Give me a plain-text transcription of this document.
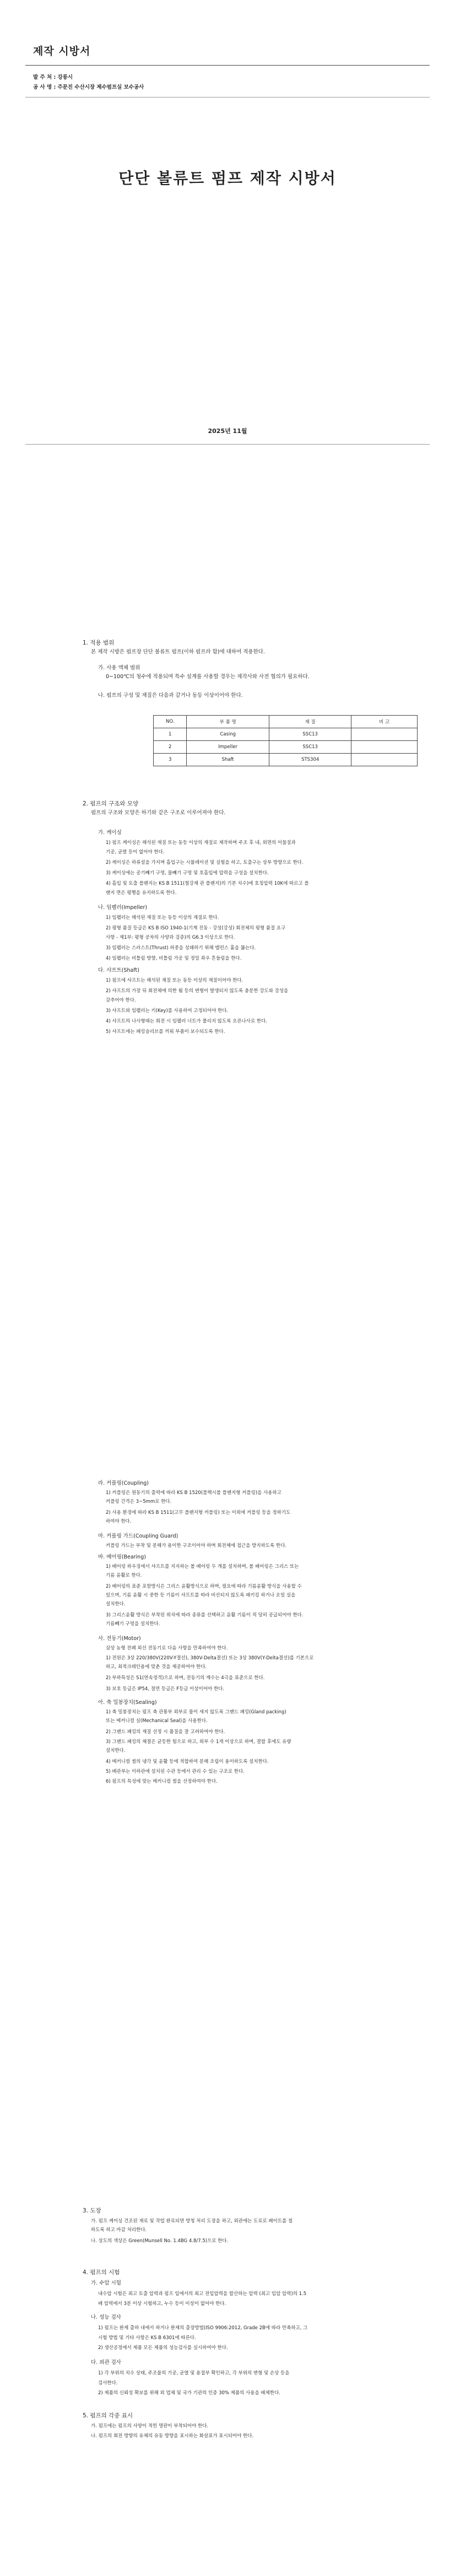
제작 시방서
발 주 처 : 강릉시
공 사 명 : 주문진 수산시장 제수펌프실 보수공사
단단 볼류트 펌프 제작 시방서
2025년 11월
1. 적용 범위
본 제작 시방은 펌프장 단단 볼류트 펌프(이하 펌프라 함)에 대하여 적용한다.
가. 사용 액체 범위
0~100℃의 청수에 적용되며 특수 설계를 사용할 경우는 제작사와 사전 협의가 필요하다.
나. 펌프의 구성 및 재질은 다음과 같거나 동등 이상이어야 한다.
NO.	부 품 명	재 질	비 고
1	Casing	SSC13	
2	Impeller	SSC13	
3	Shaft	STS304	
2. 펌프의 구조와 모양
펌프의 구조와 모양은 하기와 같은 구조로 이루어져야 한다.
가. 케이싱
1) 펌프 케이싱은 해석된 재질 또는 동등 이상의 재질로 제작하며 주조 후 내, 외면의 이물질과
기공, 균열 등이 없어야 한다.
2) 케이싱은 하류설을 가지며 흡입구는 시뮬레이션 및 실험을 하고, 토출구는 상부 방향으로 한다.
3) 케이싱에는 공기빼기 구멍, 물빼기 구멍 및 호흡입에 압력을 구성을 설치한다.
4) 흡입 및 토출 플랜지는 KS B 1511(철강제 관 플랜지)의 기본 치수)에 호칭압력 10K에 따르고 플
랜지 면은 평행을 유지하도록 한다.
나. 임펠러(Impeller)
1) 임펠러는 해석된 재질 또는 동등 이상의 재질로 한다.
2) 평형 품질 등급은 KS B ISO 1940-1(기계 진동 - 강성(강성) 회전체의 평형 품질 요구
사항 - 제1부: 평형 공차의 사양과 검증)의 G6.3 이상으로 한다.
3) 임펠러는 스러스트(Thrust) 하중을 상쇄하기 위해 밸런스 홀을 뚫는다.
4) 임펠러는 비틀림 방향, 비틀림 가공 및 정밀 좌우 흔들림을 한다.
다. 샤프트(Shaft)
1) 펌프에 샤프트는 해석된 재질 또는 동등 이상의 재질이어야 한다.
2) 샤프트의 가장 뒤 회전체에 의한 휨 등의 변형이 발생되지 않도록 충분한 강도와 강성을
갖추어야 한다.
3) 샤프트와 임펠러는 키(Key)를 사용하여 고정되어야 한다.
4) 샤프트의 나사형태는 회전 시 임펠러 너트가 풀리지 않도록 오른나사로 한다.
5) 샤프트에는 패킹슬리브를 끼워 부품이 보수되도록 한다.
라. 커플링(Coupling)
1) 커플링은 원동기의 출력에 따라 KS B 1520(플렉시블 플랜지형 커플링)을 사용하고
커플링 간격은 3~5mm로 한다.
2) 사용 환경에 따라 KS B 1511(고무 플랜지형 커플링) 또는 이외에 커플링 등을 정하기도
하여야 한다.
마. 커플링 가드(Coupling Guard)
커플링 가드는 부착 및 분해가 용이한 구조이어야 하며 회전체에 접근을 방지하도록 한다.
바. 베어링(Bearing)
1) 베어링 하우징에서 샤프트를 지지하는 볼 베어링 두 개를 설치하며, 볼 베어링은 그리스 또는
기름 윤활로 한다.
2) 베어링의 표준 포함방식은 그리스 윤활방식으로 하며, 필요에 따라 기름윤활 방식을 사용할 수
있으며, 기름 윤활 시 중한 등 기름이 샤프트를 따라 비산되지 않도록 패키킹 하거나 오일 실을
설치한다.
3) 그리스윤활 방식은 부착된 위치에 따라 종류를 선택하고 윤활 기름이 적 당히 공급되어야 한다.
기름빼기 구멍을 설치한다.
사. 전동기(Motor)
삼상 농형 전폐 외선 전동기로 다음 사항을 만족하여야 한다.
1) 전원은 3상 220/380V(220V-Y결선), 380V-Delta결선) 또는 3상 380V(Y-Delta결선)를 기본으로
하고, 최적크레인용에 맞춘 것을 제공하여야 한다.
2) 부하특성은 S1(연속정격)으로 하며, 전동기의 계수는 4극을 표준으로 한다.
3) 보호 등급은 IP54, 절연 등급은 F등급 이상이어야 한다.
아. 축 밀봉장치(Sealing)
1) 축 밀봉장치는 펌프 축 관통부 외부로 물이 새지 않도록 그랜드 패킹(Gland packing)
또는 메커니컬 실(Mechanical Seal)을 사용한다.
2) 그랜드 패킹의 재질 선정 시 품질을 잘 고려하여야 한다.
3) 그랜드 패킹의 체결은 균등한 힘으로 하고, 외부 수 1개 이상으로 하며, 결합 후에도 유량
설치한다.
4) 메커니컬 씰의 냉각 및 윤활 등에 적합하여 분해 조립이 용이하도록 설치한다.
5) 배관부는 이하관에 설치된 수관 등에서 관리 수 있는 구조로 한다.
6) 펌프의 특성에 맞는 메커니컬 씰을 선정하여야 한다.
3. 도장
가. 펌프 케이싱 건조된 재료 및 작업 완료되면 방청 처리 도장을 하고, 외관에는 도료로 페이트를 칠
하도록 하고 마감 처리한다.
나. 상도의 색상은 Green(Munsell No. 1.4BG 4.8/7.5)으로 한다.
4. 펌프의 시험
가. 수압 시험
내수압 시험은 최고 토출 압력과 펌프 입에서의 최고 전입압력을 합산하는 압력 (최고 입압 압력)의 1.5
배 압력에서 3분 이상 시험하고, 누수 등이 이상이 없어야 한다.
나. 성능 검사
1) 펌프는 완제 출하 내에서 하거나 완제의 출장방법(ISO 9906:2012, Grade 2B에 따라 만족하고, 그
시험 방법 및 기타 사항은 KS B 6301에 따른다.
2) 생산공정에서 제품 모든 제품의 성능검사를 실시하여야 한다.
다. 외관 검사
1) 각 부위의 치수 상태, 주조물의 기공, 균열 및 용접부 확인하고, 각 부위의 변형 및 손상 등을
검사한다.
2) 제품의 신뢰성 확보를 위해 외 업체 및 국가 기관의 인증 30% 제품의 사용을 배제한다.
5. 펌프의 각종 표시
가. 펌프에는 펌프의 사양이 적힌 명판이 부착되어야 한다.
나. 펌프의 회전 방향의 유체의 유동 방향을 표시하는 화살표가 표시되어야 한다.
